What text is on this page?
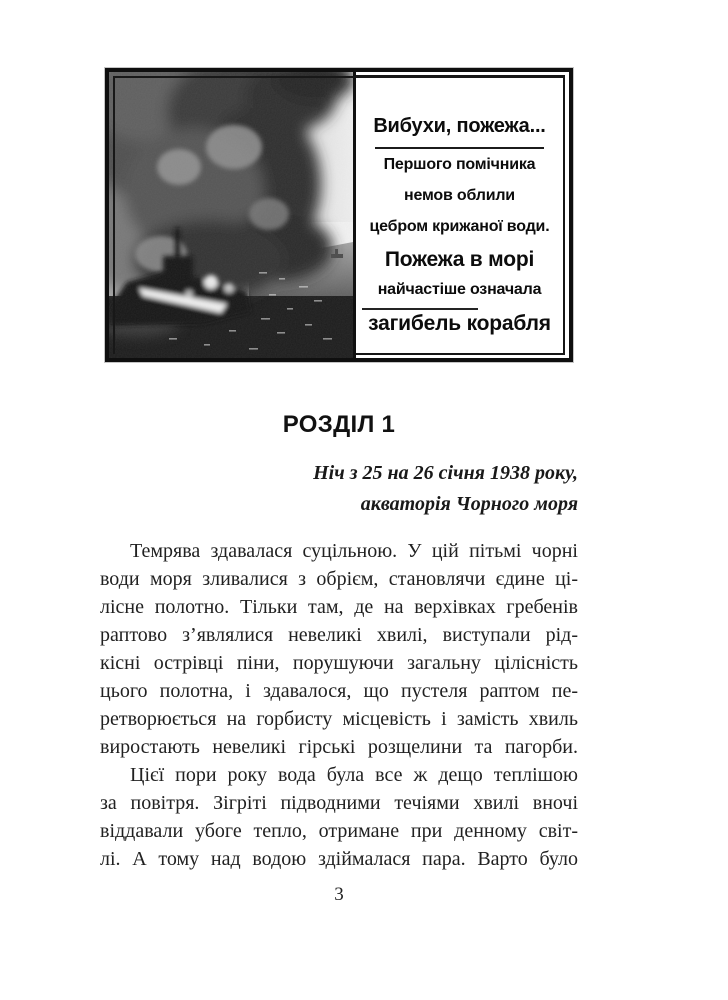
Вибухи, пожежа...
Першого помічника
немов облили
цебром крижаної води.
Пожежа в морі
найчастіше означала
загибель корабля
РОЗДІЛ 1
Ніч з 25 на 26 січня 1938 року,
акваторія Чорного моря
Темрява здавалася суцільною. У цій пітьмі чорні
води моря зливалися з обрієм, становлячи єдине ці-
лісне полотно. Тільки там, де на верхівках гребенів
раптово з’являлися невеликі хвилі, виступали рід-
кісні острівці піни, порушуючи загальну цілісність
цього полотна, і здавалося, що пустеля раптом пе-
ретворюється на горбисту місцевість і замість хвиль
виростають невеликі гірські розщелини та пагорби.
Цієї пори року вода була все ж дещо теплішою
за повітря. Зігріті підводними течіями хвилі вночі
віддавали убоге тепло, отримане при денному світ-
лі. А тому над водою здіймалася пара. Варто було
3
